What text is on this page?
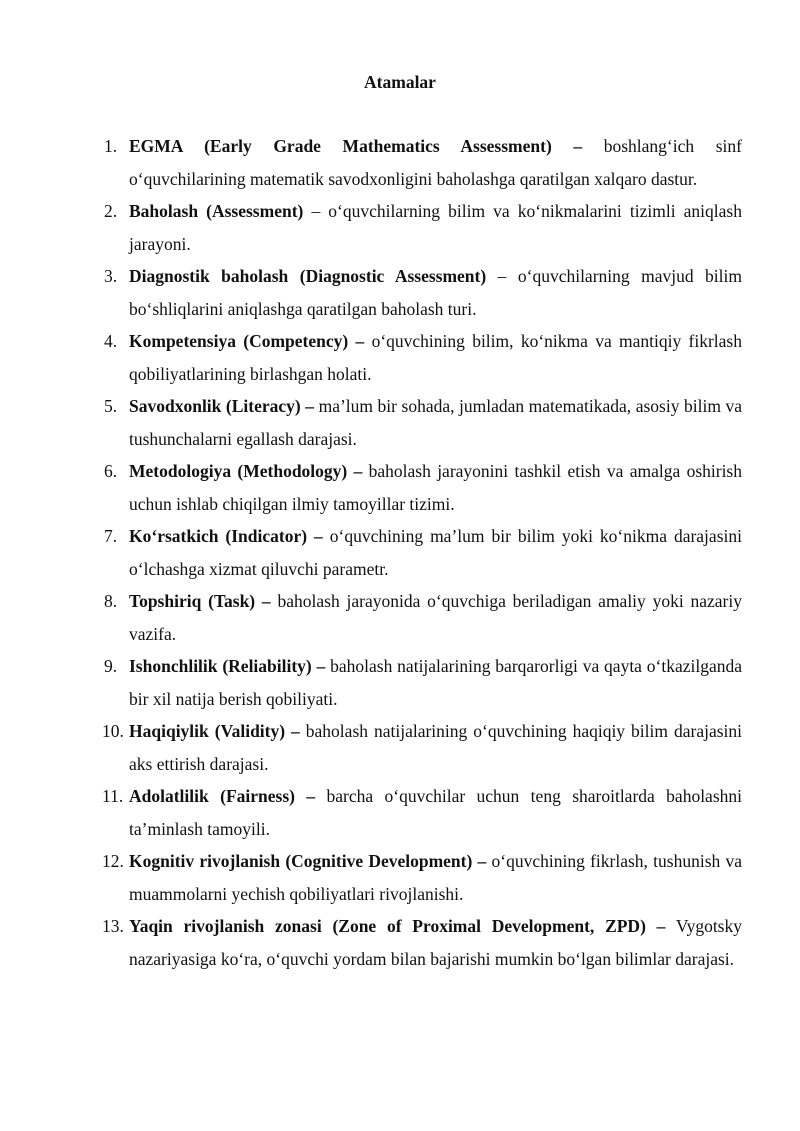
Atamalar
1. EGMA (Early Grade Mathematics Assessment) – boshlang‘ich sinf o‘quvchilarining matematik savodxonligini baholashga qaratilgan xalqaro dastur.
2. Baholash (Assessment) – o‘quvchilarning bilim va ko‘nikmalarini tizimli aniqlash jarayoni.
3. Diagnostik baholash (Diagnostic Assessment) – o‘quvchilarning mavjud bilim bo‘shliqlarini aniqlashga qaratilgan baholash turi.
4. Kompetensiya (Competency) – o‘quvchining bilim, ko‘nikma va mantiqiy fikrlash qobiliyatlarining birlashgan holati.
5. Savodxonlik (Literacy) – ma’lum bir sohada, jumladan matematikada, asosiy bilim va tushunchalarni egallash darajasi.
6. Metodologiya (Methodology) – baholash jarayonini tashkil etish va amalga oshirish uchun ishlab chiqilgan ilmiy tamoyillar tizimi.
7. Ko‘rsatkich (Indicator) – o‘quvchining ma’lum bir bilim yoki ko‘nikma darajasini o‘lchashga xizmat qiluvchi parametr.
8. Topshiriq (Task) – baholash jarayonida o‘quvchiga beriladigan amaliy yoki nazariy vazifa.
9. Ishonchlilik (Reliability) – baholash natijalarining barqarorligi va qayta o‘tkazilganda bir xil natija berish qobiliyati.
10. Haqiqiylik (Validity) – baholash natijalarining o‘quvchining haqiqiy bilim darajasini aks ettirish darajasi.
11. Adolatlilik (Fairness) – barcha o‘quvchilar uchun teng sharoitlarda baholashni ta’minlash tamoyili.
12. Kognitiv rivojlanish (Cognitive Development) – o‘quvchining fikrlash, tushunish va muammolarni yechish qobiliyatlari rivojlanishi.
13. Yaqin rivojlanish zonasi (Zone of Proximal Development, ZPD) – Vygotsky nazariyasiga ko‘ra, o‘quvchi yordam bilan bajarishi mumkin bo‘lgan bilimlar darajasi.
